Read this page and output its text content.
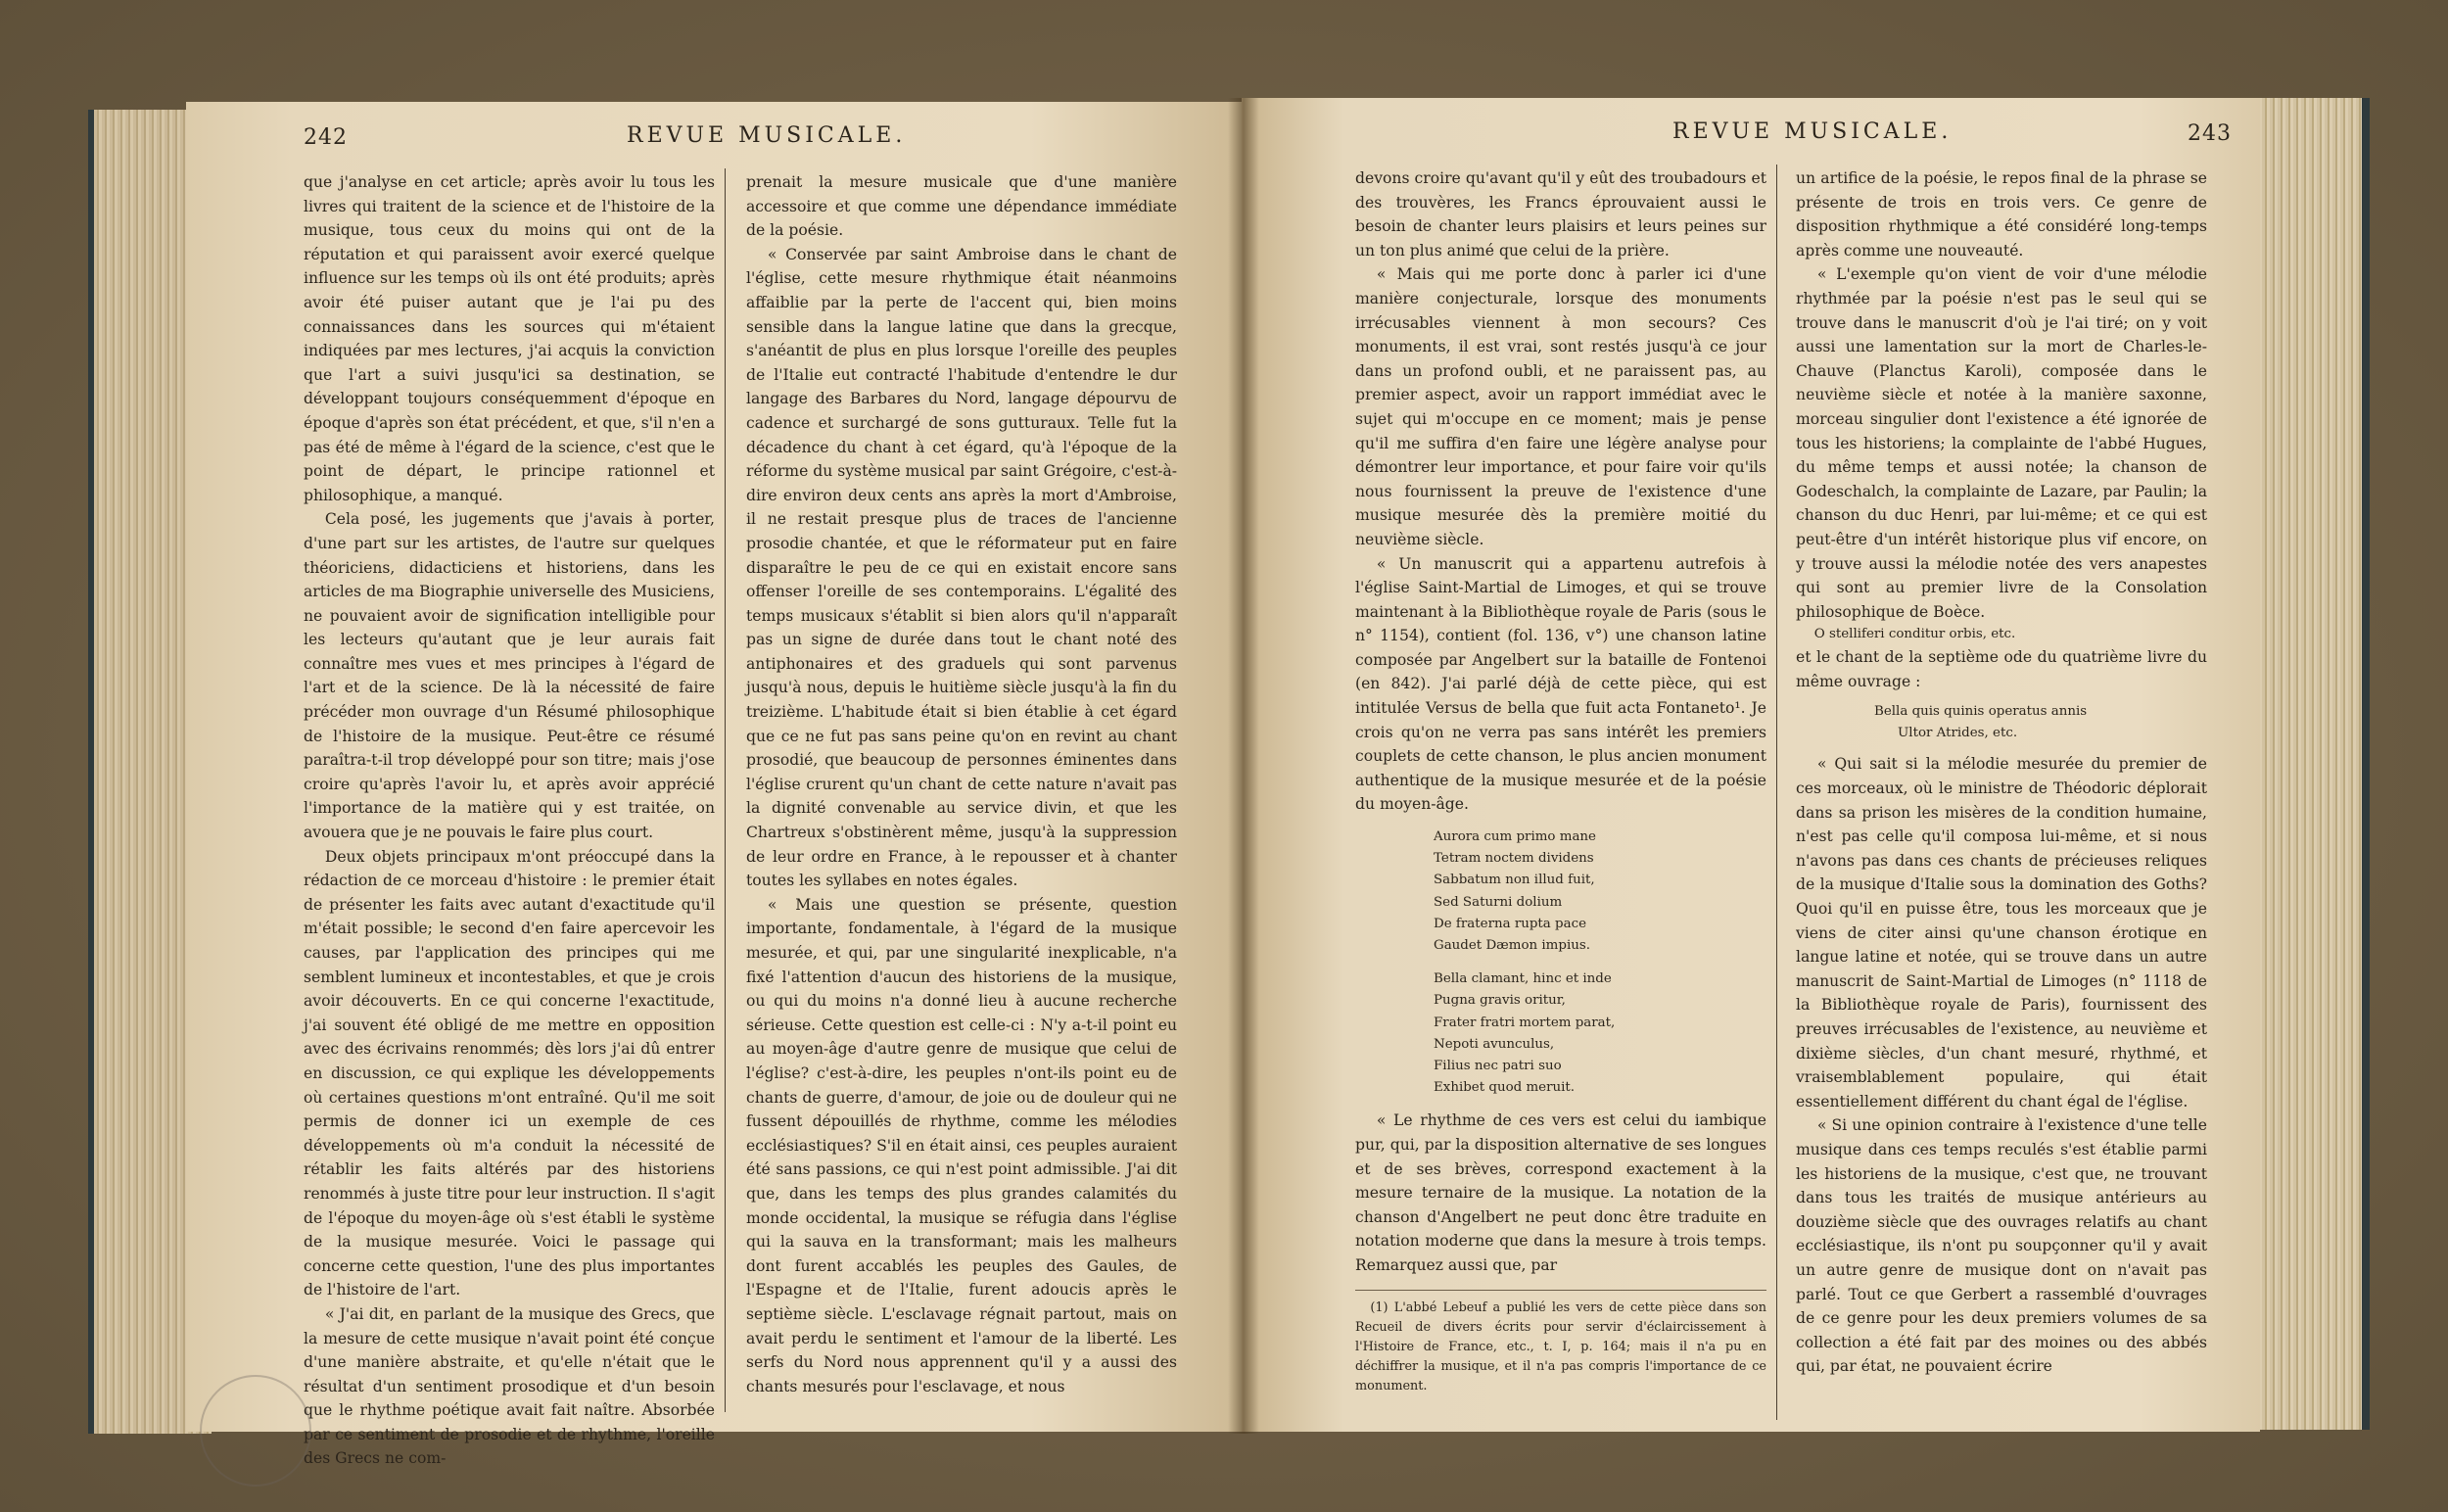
242	REVUE MUSICALE.

que j'analyse en cet article; après avoir lu tous les livres qui traitent de la science et de l'histoire de la musique, tous ceux du moins qui ont de la réputation et qui paraissent avoir exercé quelque influence sur les temps où ils ont été produits; après avoir été puiser autant que je l'ai pu des connaissances dans les sources qui m'étaient indiquées par mes lectures, j'ai acquis la conviction que l'art a suivi jusqu'ici sa destination, se développant toujours conséquemment d'époque en époque d'après son état précédent, et que, s'il n'en a pas été de même à l'égard de la science, c'est que le point de départ, le principe rationnel et philosophique, a manqué.

Cela posé, les jugements que j'avais à porter, d'une part sur les artistes, de l'autre sur quelques théoriciens, didacticiens et historiens, dans les articles de ma Biographie universelle des Musiciens, ne pouvaient avoir de signification intelligible pour les lecteurs qu'autant que je leur aurais fait connaître mes vues et mes principes à l'égard de l'art et de la science. De là la nécessité de faire précéder mon ouvrage d'un Résumé philosophique de l'histoire de la musique. Peut-être ce résumé paraîtra-t-il trop développé pour son titre; mais j'ose croire qu'après l'avoir lu, et après avoir apprécié l'importance de la matière qui y est traitée, on avouera que je ne pouvais le faire plus court.

Deux objets principaux m'ont préoccupé dans la rédaction de ce morceau d'histoire : le premier était de présenter les faits avec autant d'exactitude qu'il m'était possible; le second d'en faire apercevoir les causes, par l'application des principes qui me semblent lumineux et incontestables, et que je crois avoir découverts. En ce qui concerne l'exactitude, j'ai souvent été obligé de me mettre en opposition avec des écrivains renommés; dès lors j'ai dû entrer en discussion, ce qui explique les développements où certaines questions m'ont entraîné. Qu'il me soit permis de donner ici un exemple de ces développements où m'a conduit la nécessité de rétablir les faits altérés par des historiens renommés à juste titre pour leur instruction. Il s'agit de l'époque du moyen-âge où s'est établi le système de la musique mesurée. Voici le passage qui concerne cette question, l'une des plus importantes de l'histoire de l'art.

« J'ai dit, en parlant de la musique des Grecs, que la mesure de cette musique n'avait point été conçue d'une manière abstraite, et qu'elle n'était que le résultat d'un sentiment prosodique et d'un besoin que le rhythme poétique avait fait naître. Absorbée par ce sentiment de prosodie et de rhythme, l'oreille des Grecs ne com-

prenait la mesure musicale que d'une manière accessoire et que comme une dépendance immédiate de la poésie.

« Conservée par saint Ambroise dans le chant de l'église, cette mesure rhythmique était néanmoins affaiblie par la perte de l'accent qui, bien moins sensible dans la langue latine que dans la grecque, s'anéantit de plus en plus lorsque l'oreille des peuples de l'Italie eut contracté l'habitude d'entendre le dur langage des Barbares du Nord, langage dépourvu de cadence et surchargé de sons gutturaux. Telle fut la décadence du chant à cet égard, qu'à l'époque de la réforme du système musical par saint Grégoire, c'est-à-dire environ deux cents ans après la mort d'Ambroise, il ne restait presque plus de traces de l'ancienne prosodie chantée, et que le réformateur put en faire disparaître le peu de ce qui en existait encore sans offenser l'oreille de ses contemporains. L'égalité des temps musicaux s'établit si bien alors qu'il n'apparaît pas un signe de durée dans tout le chant noté des antiphonaires et des graduels qui sont parvenus jusqu'à nous, depuis le huitième siècle jusqu'à la fin du treizième. L'habitude était si bien établie à cet égard que ce ne fut pas sans peine qu'on en revint au chant prosodié, que beaucoup de personnes éminentes dans l'église crurent qu'un chant de cette nature n'avait pas la dignité convenable au service divin, et que les Chartreux s'obstinèrent même, jusqu'à la suppression de leur ordre en France, à le repousser et à chanter toutes les syllabes en notes égales.

« Mais une question se présente, question importante, fondamentale, à l'égard de la musique mesurée, et qui, par une singularité inexplicable, n'a fixé l'attention d'aucun des historiens de la musique, ou qui du moins n'a donné lieu à aucune recherche sérieuse. Cette question est celle-ci : N'y a-t-il point eu au moyen-âge d'autre genre de musique que celui de l'église? c'est-à-dire, les peuples n'ont-ils point eu de chants de guerre, d'amour, de joie ou de douleur qui ne fussent dépouillés de rhythme, comme les mélodies ecclésiastiques? S'il en était ainsi, ces peuples auraient été sans passions, ce qui n'est point admissible. J'ai dit que, dans les temps des plus grandes calamités du monde occidental, la musique se réfugia dans l'église qui la sauva en la transformant; mais les malheurs dont furent accablés les peuples des Gaules, de l'Espagne et de l'Italie, furent adoucis après le septième siècle. L'esclavage régnait partout, mais on avait perdu le sentiment et l'amour de la liberté. Les serfs du Nord nous apprennent qu'il y a aussi des chants mesurés pour l'esclavage, et nous

REVUE MUSICALE.	243

devons croire qu'avant qu'il y eût des troubadours et des trouvères, les Francs éprouvaient aussi le besoin de chanter leurs plaisirs et leurs peines sur un ton plus animé que celui de la prière.

« Mais qui me porte donc à parler ici d'une manière conjecturale, lorsque des monuments irrécusables viennent à mon secours? Ces monuments, il est vrai, sont restés jusqu'à ce jour dans un profond oubli, et ne paraissent pas, au premier aspect, avoir un rapport immédiat avec le sujet qui m'occupe en ce moment; mais je pense qu'il me suffira d'en faire une légère analyse pour démontrer leur importance, et pour faire voir qu'ils nous fournissent la preuve de l'existence d'une musique mesurée dès la première moitié du neuvième siècle.

« Un manuscrit qui a appartenu autrefois à l'église Saint-Martial de Limoges, et qui se trouve maintenant à la Bibliothèque royale de Paris (sous le n° 1154), contient (fol. 136, v°) une chanson latine composée par Angelbert sur la bataille de Fontenoi (en 842). J'ai parlé déjà de cette pièce, qui est intitulée Versus de bella que fuit acta Fontaneto¹. Je crois qu'on ne verra pas sans intérêt les premiers couplets de cette chanson, le plus ancien monument authentique de la musique mesurée et de la poésie du moyen-âge.

Aurora cum primo mane
Tetram noctem dividens
Sabbatum non illud fuit,
Sed Saturni dolium
De fraterna rupta pace
Gaudet Dæmon impius.
Bella clamant, hinc et inde
Pugna gravis oritur,
Frater fratri mortem parat,
Nepoti avunculus,
Filius nec patri suo
Exhibet quod meruit.

« Le rhythme de ces vers est celui du iambique pur, qui, par la disposition alternative de ses longues et de ses brèves, correspond exactement à la mesure ternaire de la musique. La notation de la chanson d'Angelbert ne peut donc être traduite en notation moderne que dans la mesure à trois temps. Remarquez aussi que, par

(1) L'abbé Lebeuf a publié les vers de cette pièce dans son Recueil de divers écrits pour servir d'éclaircissement à l'Histoire de France, etc., t. I, p. 164; mais il n'a pu en déchiffrer la musique, et il n'a pas compris l'importance de ce monument.

un artifice de la poésie, le repos final de la phrase se présente de trois en trois vers. Ce genre de disposition rhythmique a été considéré long-temps après comme une nouveauté.

« L'exemple qu'on vient de voir d'une mélodie rhythmée par la poésie n'est pas le seul qui se trouve dans le manuscrit d'où je l'ai tiré; on y voit aussi une lamentation sur la mort de Charles-le-Chauve (Planctus Karoli), composée dans le neuvième siècle et notée à la manière saxonne, morceau singulier dont l'existence a été ignorée de tous les historiens; la complainte de l'abbé Hugues, du même temps et aussi notée; la chanson de Godeschalch, la complainte de Lazare, par Paulin; la chanson du duc Henri, par lui-même; et ce qui est peut-être d'un intérêt historique plus vif encore, on y trouve aussi la mélodie notée des vers anapestes qui sont au premier livre de la Consolation philosophique de Boèce.

O stelliferi conditur orbis, etc.

et le chant de la septième ode du quatrième livre du même ouvrage :

Bella quis quinis operatus annis
Ultor Atrides, etc.

« Qui sait si la mélodie mesurée du premier de ces morceaux, où le ministre de Théodoric déplorait dans sa prison les misères de la condition humaine, n'est pas celle qu'il composa lui-même, et si nous n'avons pas dans ces chants de précieuses reliques de la musique d'Italie sous la domination des Goths? Quoi qu'il en puisse être, tous les morceaux que je viens de citer ainsi qu'une chanson érotique en langue latine et notée, qui se trouve dans un autre manuscrit de Saint-Martial de Limoges (n° 1118 de la Bibliothèque royale de Paris), fournissent des preuves irrécusables de l'existence, au neuvième et dixième siècles, d'un chant mesuré, rhythmé, et vraisemblablement populaire, qui était essentiellement différent du chant égal de l'église.

« Si une opinion contraire à l'existence d'une telle musique dans ces temps reculés s'est établie parmi les historiens de la musique, c'est que, ne trouvant dans tous les traités de musique antérieurs au douzième siècle que des ouvrages relatifs au chant ecclésiastique, ils n'ont pu soupçonner qu'il y avait un autre genre de musique dont on n'avait pas parlé. Tout ce que Gerbert a rassemblé d'ouvrages de ce genre pour les deux premiers volumes de sa collection a été fait par des moines ou des abbés qui, par état, ne pouvaient écrire
